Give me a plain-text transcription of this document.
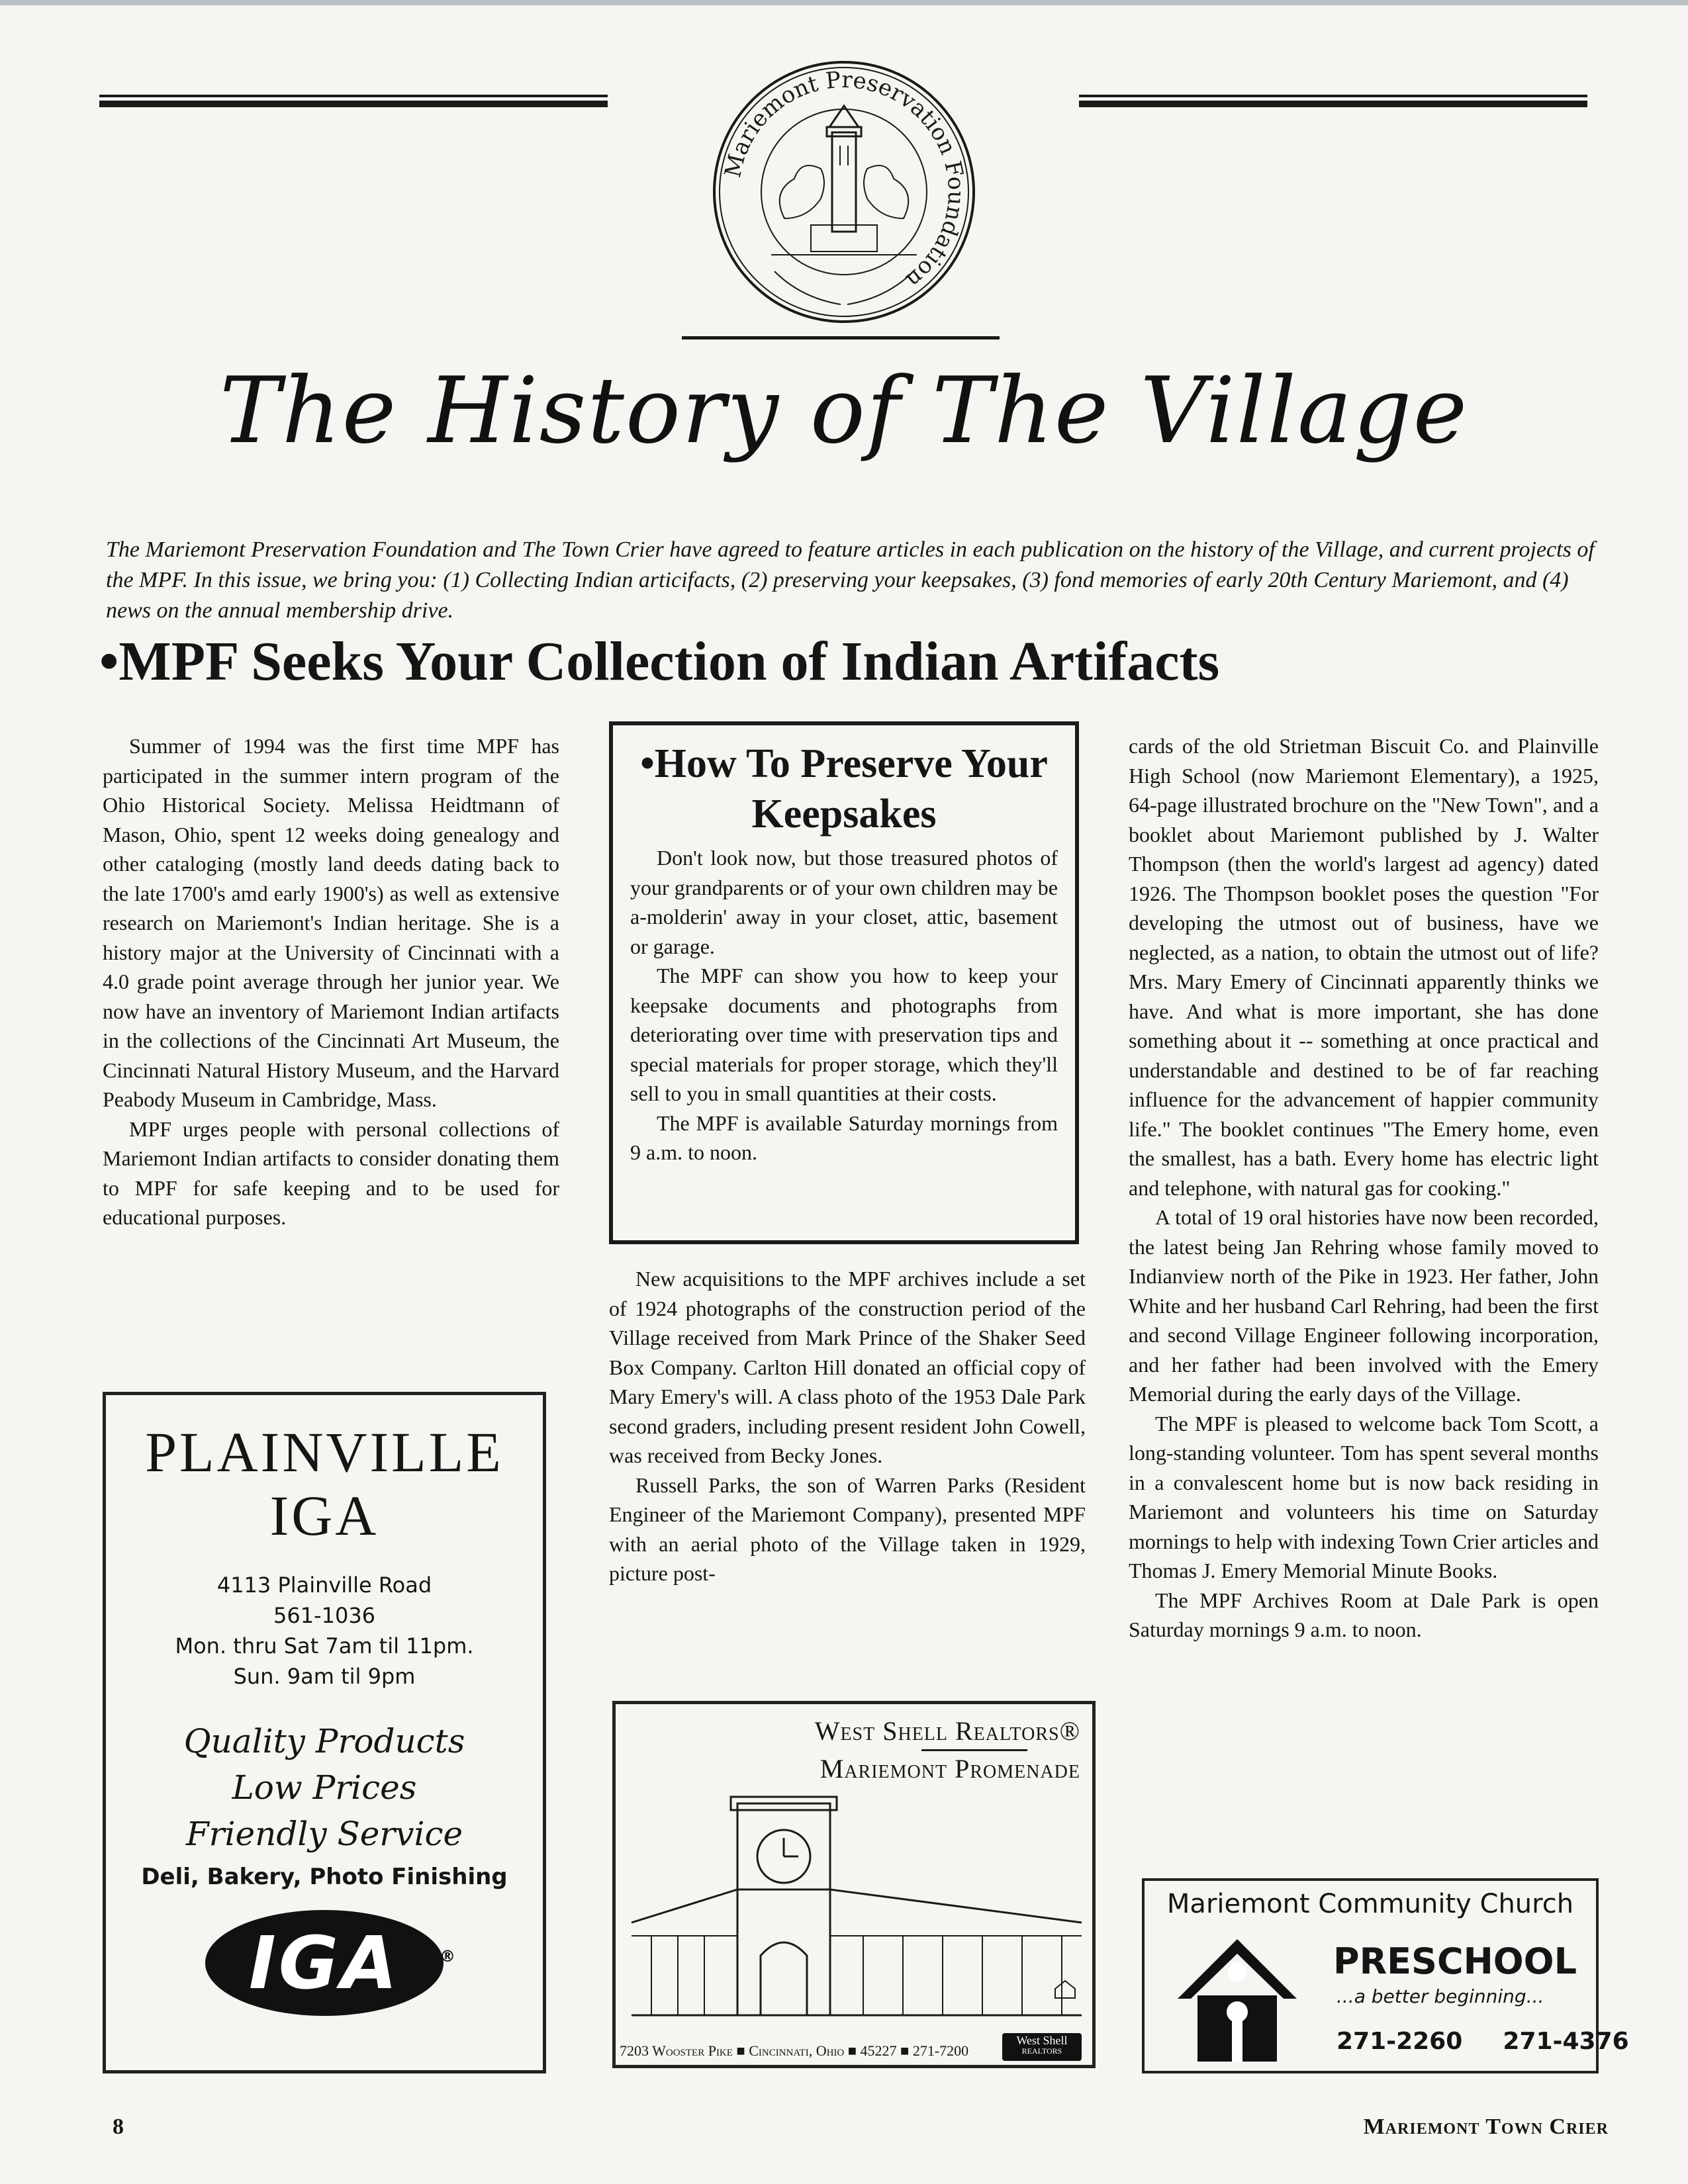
Mariemont Preservation Foundation
The History of The Village
The Mariemont Preservation Foundation and The Town Crier have agreed to feature articles in each publication on the history of the Village, and current projects of the MPF. In this issue, we bring you: (1) Collecting Indian articifacts, (2) preserving your keepsakes, (3) fond memories of early 20th Century Mariemont, and (4) news on the annual membership drive.
•MPF Seeks Your Collection of Indian Artifacts

Summer of 1994 was the first time MPF has participated in the summer intern program of the Ohio Historical Society. Melissa Heidtmann of Mason, Ohio, spent 12 weeks doing genealogy and other cataloging (mostly land deeds dating back to the late 1700's amd early 1900's) as well as extensive research on Mariemont's Indian heritage. She is a history major at the University of Cincinnati with a 4.0 grade point average through her junior year. We now have an inventory of Mariemont Indian artifacts in the collections of the Cincinnati Art Museum, the Cincinnati Natural History Museum, and the Harvard Peabody Museum in Cambridge, Mass.

MPF urges people with personal collections of Mariemont Indian artifacts to consider donating them to MPF for safe keeping and to be used for educational purposes.

•How To Preserve Your Keepsakes

Don't look now, but those treasured photos of your grandparents or of your own children may be a-molderin' away in your closet, attic, basement or garage.

The MPF can show you how to keep your keepsake documents and photographs from deteriorating over time with preservation tips and special materials for proper storage, which they'll sell to you in small quantities at their costs.

The MPF is available Saturday mornings from 9 a.m. to noon.

New acquisitions to the MPF archives include a set of 1924 photographs of the construction period of the Village received from Mark Prince of the Shaker Seed Box Company. Carlton Hill donated an official copy of Mary Emery's will. A class photo of the 1953 Dale Park second graders, including present resident John Cowell, was received from Becky Jones.

Russell Parks, the son of Warren Parks (Resident Engineer of the Mariemont Company), presented MPF with an aerial photo of the Village taken in 1929, picture post-

cards of the old Strietman Biscuit Co. and Plainville High School (now Mariemont Elementary), a 1925, 64-page illustrated brochure on the "New Town", and a booklet about Mariemont published by J. Walter Thompson (then the world's largest ad agency) dated 1926. The Thompson booklet poses the question "For developing the utmost out of business, have we neglected, as a nation, to obtain the utmost out of life? Mrs. Mary Emery of Cincinnati apparently thinks we have. And what is more important, she has done something about it -- something at once practical and understandable and destined to be of far reaching influence for the advancement of happier community life." The booklet continues "The Emery home, even the smallest, has a bath. Every home has electric light and telephone, with natural gas for cooking."

A total of 19 oral histories have now been recorded, the latest being Jan Rehring whose family moved to Indianview north of the Pike in 1923. Her father, John White and her husband Carl Rehring, had been the first and second Village Engineer following incorporation, and her father had been involved with the Emery Memorial during the early days of the Village.

The MPF is pleased to welcome back Tom Scott, a long-standing volunteer. Tom has spent several months in a convalescent home but is now back residing in Mariemont and volunteers his time on Saturday mornings to help with indexing Town Crier articles and Thomas J. Emery Memorial Minute Books.

The MPF Archives Room at Dale Park is open Saturday mornings 9 a.m. to noon.

PLAINVILLE
IGA
4113 Plainville Road
561-1036
Mon. thru Sat 7am til 11pm.
Sun. 9am til 9pm
Quality Products
Low Prices
Friendly Service
Deli, Bakery, Photo Finishing
IGA ®
West Shell Realtors®
Mariemont Promenade
7203 Wooster Pike ■ Cincinnati, Ohio ■ 45227 ■ 271-7200
West Shell
REALTORS
Mariemont Community Church
PRESCHOOL
...a better beginning...
271-2260 271-4376
8	Mariemont Town Crier
